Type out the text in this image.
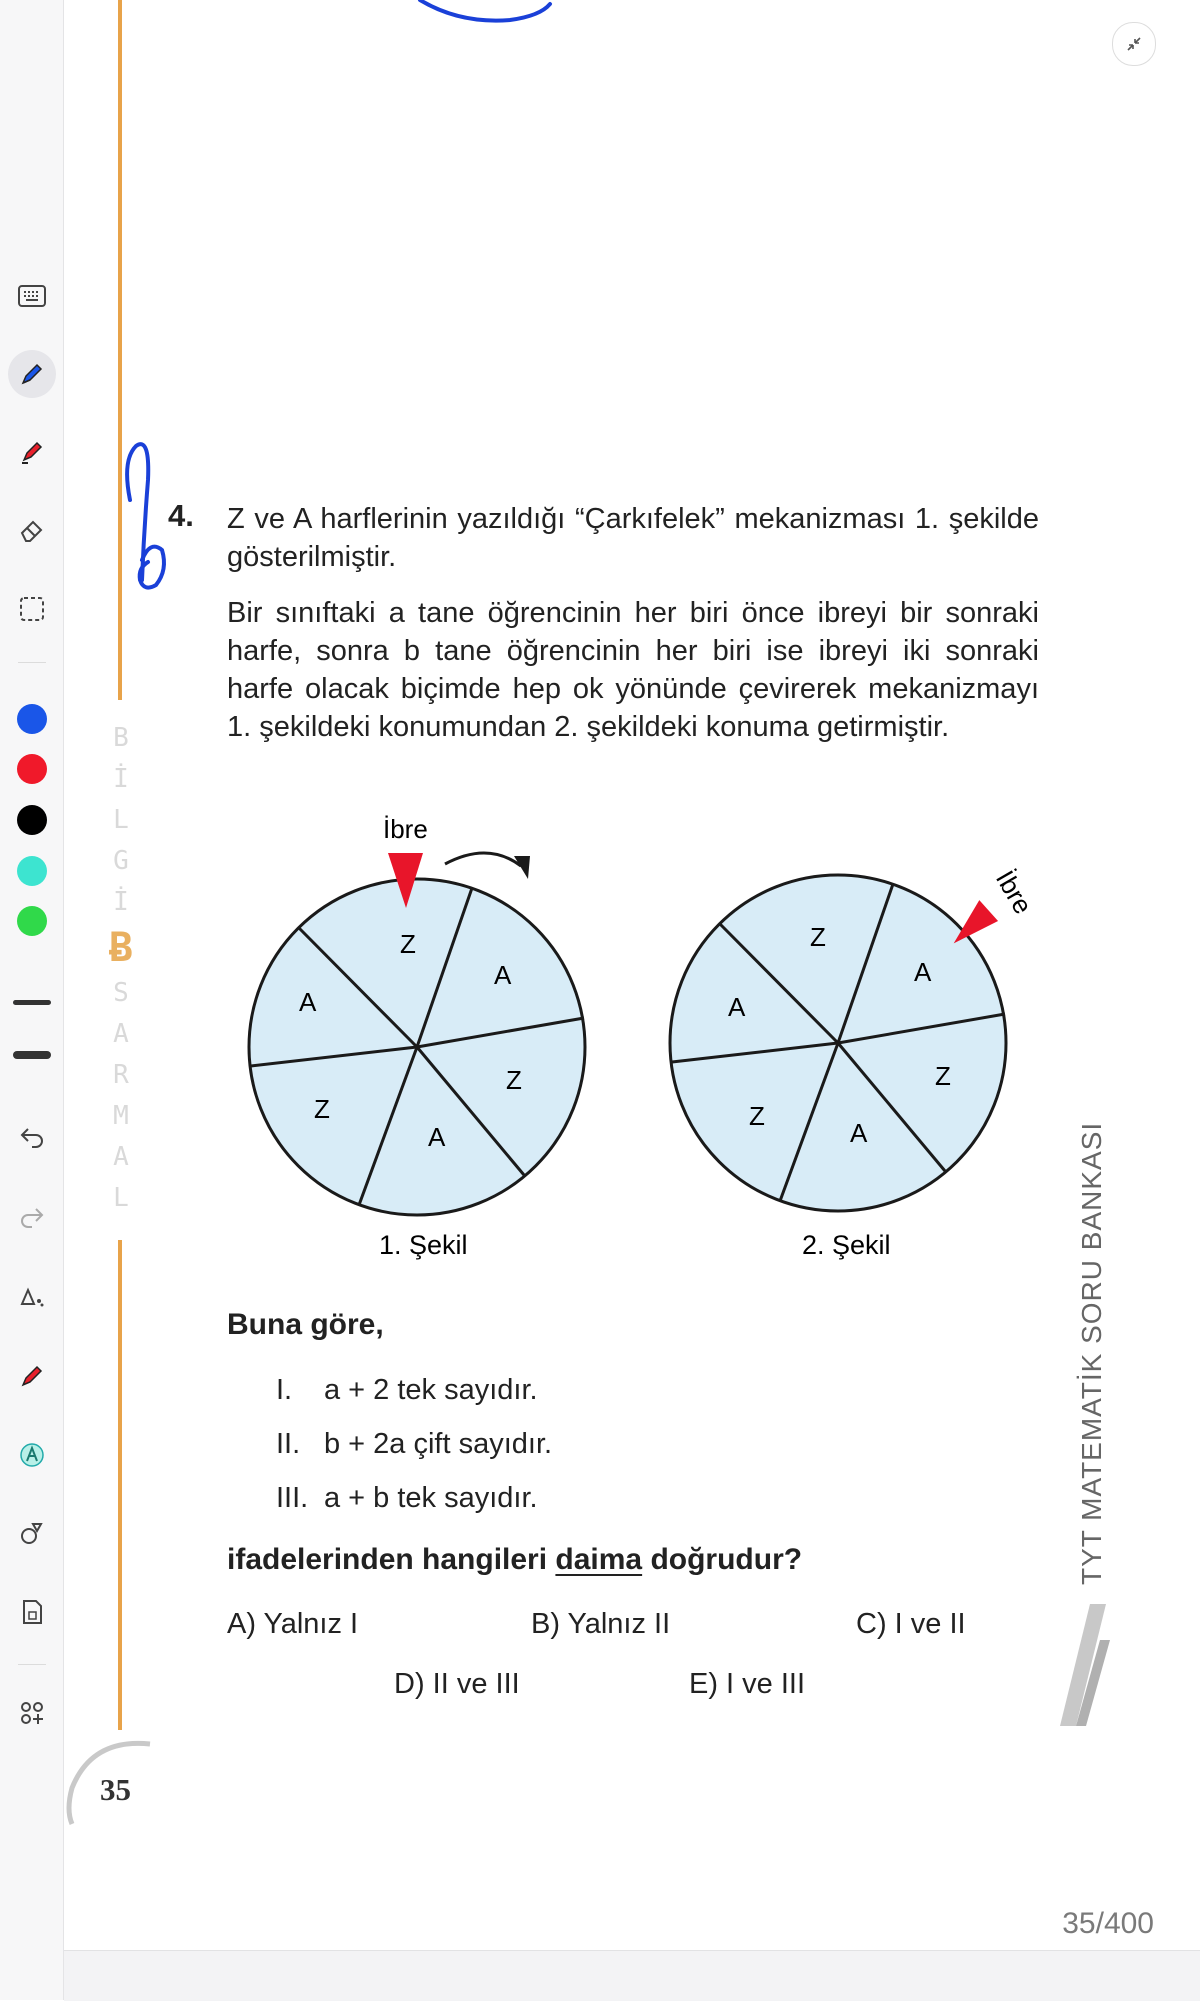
B
İ
L
G
İ
Ƀ
S
A
R
M
A
L
4. Z ve A harflerinin yazıldığı “Çarkıfelek” mekanizması 1. şekilde gösterilmiştir.

Bir sınıftaki a tane öğrencinin her biri önce ibreyi bir sonraki harfe, sonra b tane öğrencinin her biri ise ibreyi iki sonraki harfe olacak biçimde hep ok yönünde çevirerek mekanizmayı 1. şekildeki konumundan 2. şekildeki konuma getirmiştir.

Z
A
Z
A
Z
A
İbre
1. Şekil
Z
A
Z
A
Z
A
İbre
2. Şekil
Buna göre,
I. a + 2 tek sayıdır.
II. b + 2a çift sayıdır.
III. a + b tek sayıdır.
ifadelerinden hangileri daima doğrudur?
A) Yalnız I	B) Yalnız II	C) I ve II
D) II ve III	E) I ve III
TYT MATEMATİK SORU BANKASI
35
35/400
